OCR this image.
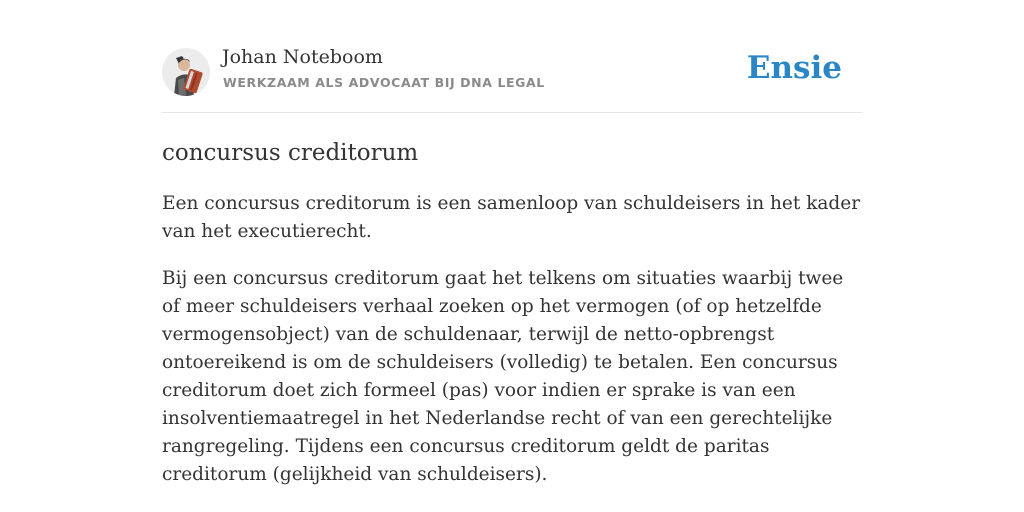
Johan Noteboom
WERKZAAM ALS ADVOCAAT BIJ DNA LEGAL	Ensie
concursus creditorum

Een concursus creditorum is een samenloop van schuldeisers in het kader van het executierecht.

Bij een concursus creditorum gaat het telkens om situaties waarbij twee of meer schuldeisers verhaal zoeken op het vermogen (of op hetzelfde vermogensobject) van de schuldenaar, terwijl de netto-opbrengst ontoereikend is om de schuldeisers (volledig) te betalen. Een concursus creditorum doet zich formeel (pas) voor indien er sprake is van een insolventiemaatregel in het Nederlandse recht of van een gerechtelijke rangregeling. Tijdens een concursus creditorum geldt de paritas creditorum (gelijkheid van schuldeisers).
